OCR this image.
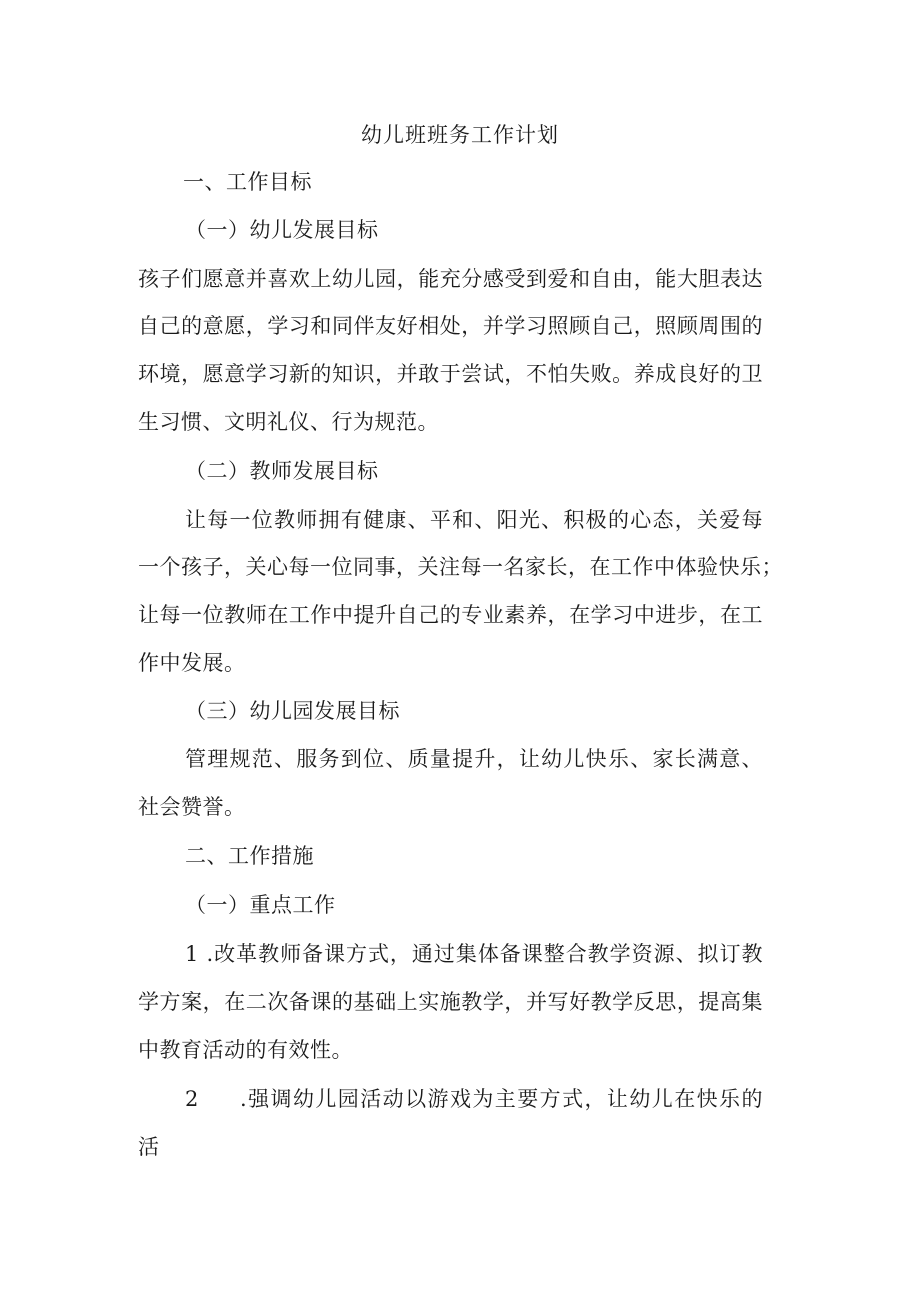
幼儿班班务工作计划
一、工作目标
（一）幼儿发展目标
孩子们愿意并喜欢上幼儿园，能充分感受到爱和自由，能大胆表达
自己的意愿，学习和同伴友好相处，并学习照顾自己，照顾周围的
环境，愿意学习新的知识，并敢于尝试，不怕失败。养成良好的卫
生习惯、文明礼仪、行为规范。
（二）教师发展目标
让每一位教师拥有健康、平和、阳光、积极的心态，关爱每
一个孩子，关心每一位同事，关注每一名家长，在工作中体验快乐；
让每一位教师在工作中提升自己的专业素养，在学习中进步，在工
作中发展。
（三）幼儿园发展目标
管理规范、服务到位、质量提升，让幼儿快乐、家长满意、
社会赞誉。
二、工作措施
（一）重点工作
1 .改革教师备课方式，通过集体备课整合教学资源、拟订教
学方案，在二次备课的基础上实施教学，并写好教学反思，提高集
中教育活动的有效性。
2 .强调幼儿园活动以游戏为主要方式，让幼儿在快乐的
活
